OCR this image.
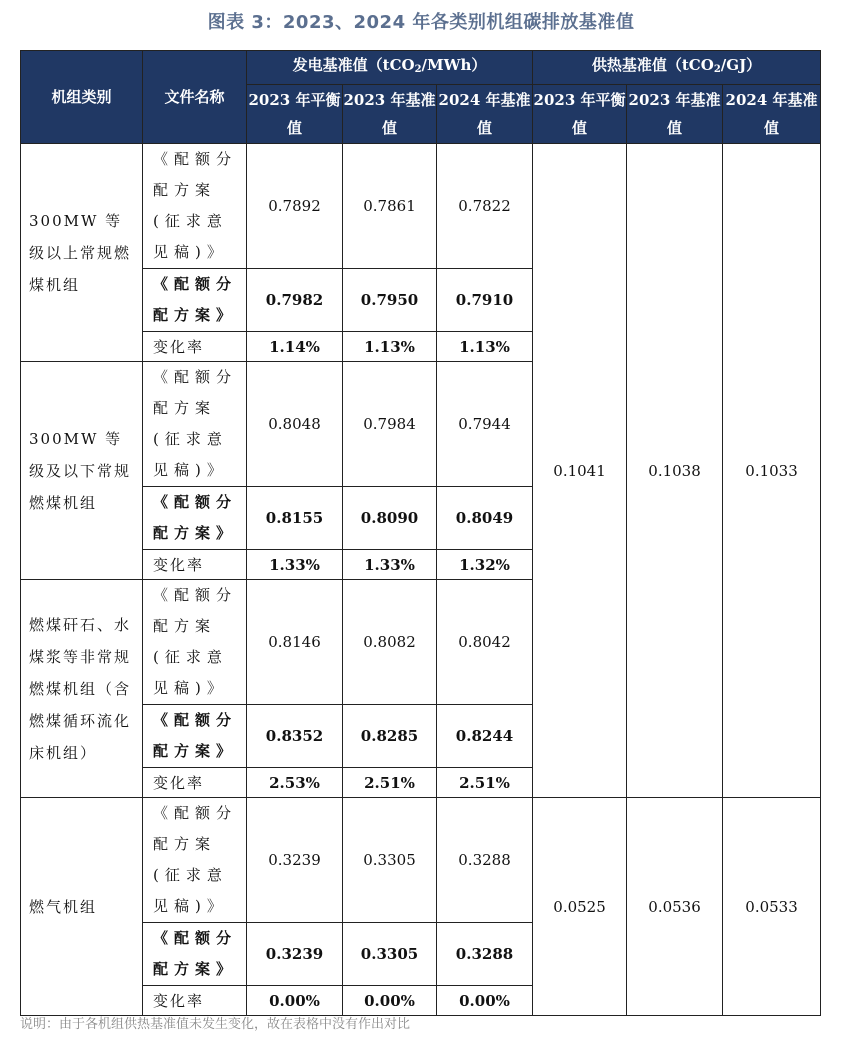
图表 3：2023、2024 年各类别机组碳排放基准值
机组类别	文件名称	发电基准值（tCO$_2$/MWh）			供热基准值（tCO$_2$/GJ）		
		2023 年平衡值	2023 年基准值	2024 年基准值	2023 年平衡值	2023 年基准值	2024 年基准值
300MW 等级以上常规燃煤机组	《配额分配方案(征求意见稿)》	0.7892	0.7861	0.7822	0.1041	0.1038	0.1033
	《配额分配方案》	0.7982	0.7950	0.7910			
	变化率	1.14%	1.13%	1.13%			
300MW 等级及以下常规燃煤机组	《配额分配方案(征求意见稿)》	0.8048	0.7984	0.7944			
	《配额分配方案》	0.8155	0.8090	0.8049			
	变化率	1.33%	1.33%	1.32%			
燃煤矸石、水煤浆等非常规燃煤机组（含燃煤循环流化床机组）	《配额分配方案(征求意见稿)》	0.8146	0.8082	0.8042			
	《配额分配方案》	0.8352	0.8285	0.8244			
	变化率	2.53%	2.51%	2.51%			
燃气机组	《配额分配方案(征求意见稿)》	0.3239	0.3305	0.3288	0.0525	0.0536	0.0533
	《配额分配方案》	0.3239	0.3305	0.3288			
	变化率	0.00%	0.00%	0.00%			
说明：由于各机组供热基准值未发生变化，故在表格中没有作出对比
